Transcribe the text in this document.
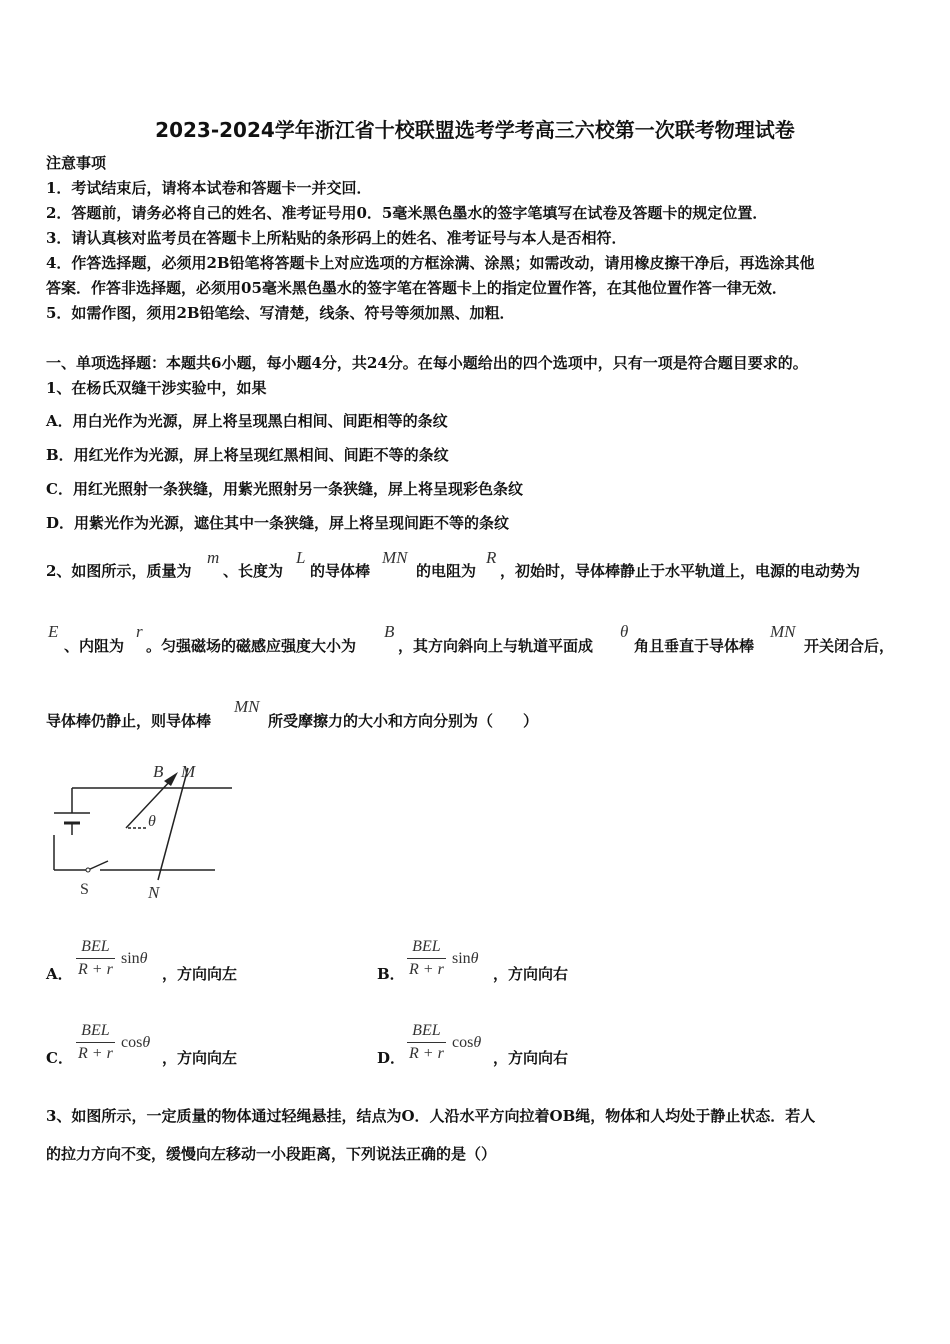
2023-2024学年浙江省十校联盟选考学考高三六校第一次联考物理试卷
注意事项
1．考试结束后，请将本试卷和答题卡一并交回．
2．答题前，请务必将自己的姓名、准考证号用0．5毫米黑色墨水的签字笔填写在试卷及答题卡的规定位置．
3．请认真核对监考员在答题卡上所粘贴的条形码上的姓名、准考证号与本人是否相符．
4．作答选择题，必须用2B铅笔将答题卡上对应选项的方框涂满、涂黑；如需改动，请用橡皮擦干净后，再选涂其他
答案．作答非选择题，必须用05毫米黑色墨水的签字笔在答题卡上的指定位置作答，在其他位置作答一律无效．
5．如需作图，须用2B铅笔绘、写清楚，线条、符号等须加黑、加粗．
一、单项选择题：本题共6小题，每小题4分，共24分。在每小题给出的四个选项中，只有一项是符合题目要求的。
1、在杨氏双缝干涉实验中，如果
A．用白光作为光源，屏上将呈现黑白相间、间距相等的条纹
B．用红光作为光源，屏上将呈现红黑相间、间距不等的条纹
C．用红光照射一条狭缝，用紫光照射另一条狭缝，屏上将呈现彩色条纹
D．用紫光作为光源，遮住其中一条狭缝，屏上将呈现间距不等的条纹
2、如图所示，质量为
m
、长度为
L
的导体棒
MN
的电阻为
R
，初始时，导体棒静止于水平轨道上，电源的电动势为
E
、内阻为
r
。匀强磁场的磁感应强度大小为
B
，其方向斜向上与轨道平面成
θ
角且垂直于导体棒
MN
开关闭合后，
导体棒仍静止，则导体棒
MN
所受摩擦力的大小和方向分别为（　　）
B M
θ
S	N
A．
BEL
R + r
sinθ
，方向向左	B．
BEL
R + r
sinθ
，方向向右
C．
BEL
R + r
cosθ
，方向向左	D．
BEL
R + r
cosθ
，方向向右
3、如图所示，一定质量的物体通过轻绳悬挂，结点为O．人沿水平方向拉着OB绳，物体和人均处于静止状态．若人
的拉力方向不变，缓慢向左移动一小段距离，下列说法正确的是（）
